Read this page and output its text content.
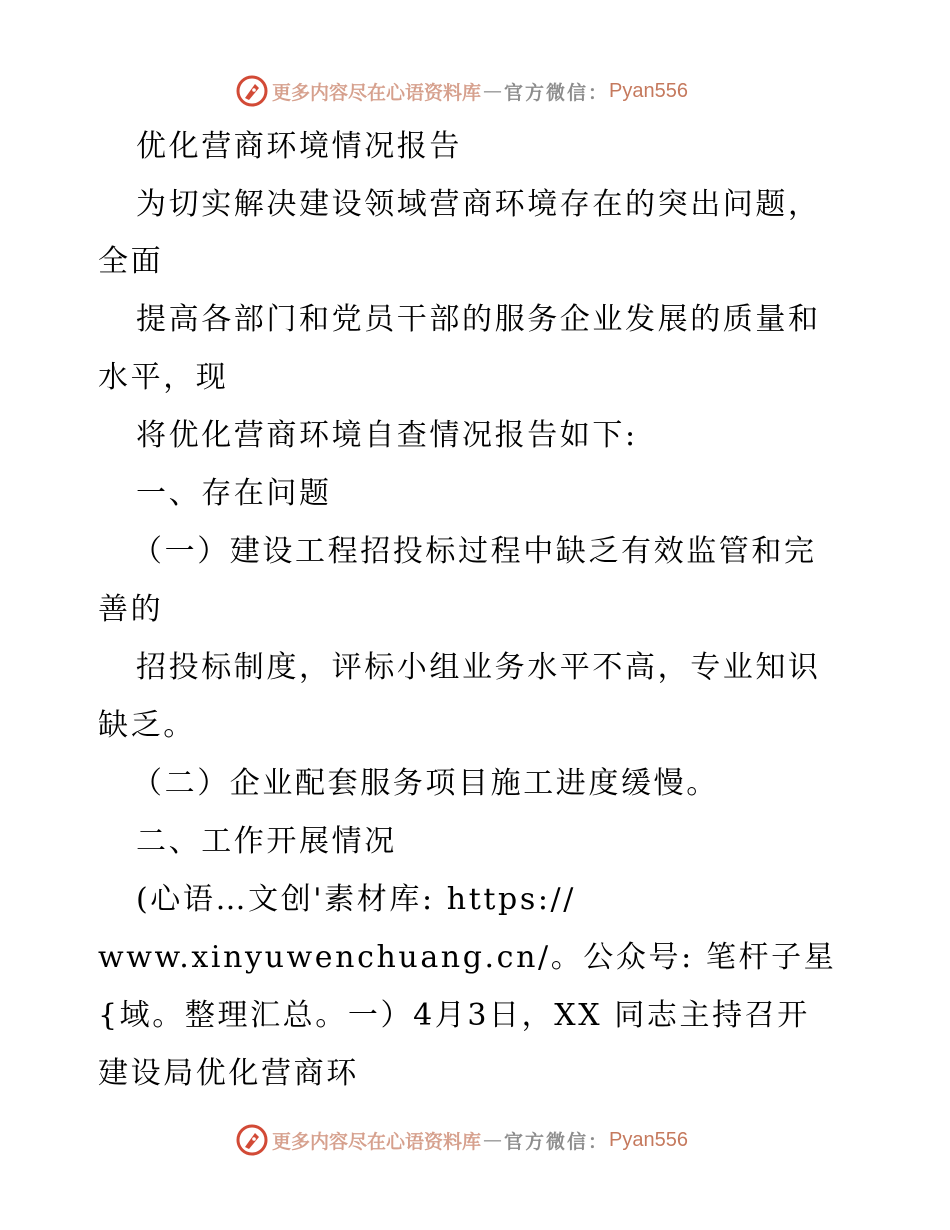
更多内容尽在心语资料库 — 官方微信： Pyan556
优化营商环境情况报告
为切实解决建设领域营商环境存在的突出问题，
全面
提高各部门和党员干部的服务企业发展的质量和
水平，现
将优化营商环境自查情况报告如下:
一、存在问题
（一）建设工程招投标过程中缺乏有效监管和完
善的
招投标制度，评标小组业务水平不高，专业知识
缺乏。
（二）企业配套服务项目施工进度缓慢。
二、工作开展情况
(心语…文创'素材库: https://
www.xinyuwenchuang.cn/。公众号: 笔杆子星
{域。整理汇总。一）4月3日，XX 同志主持召开
建设局优化营商环
更多内容尽在心语资料库 — 官方微信： Pyan556
